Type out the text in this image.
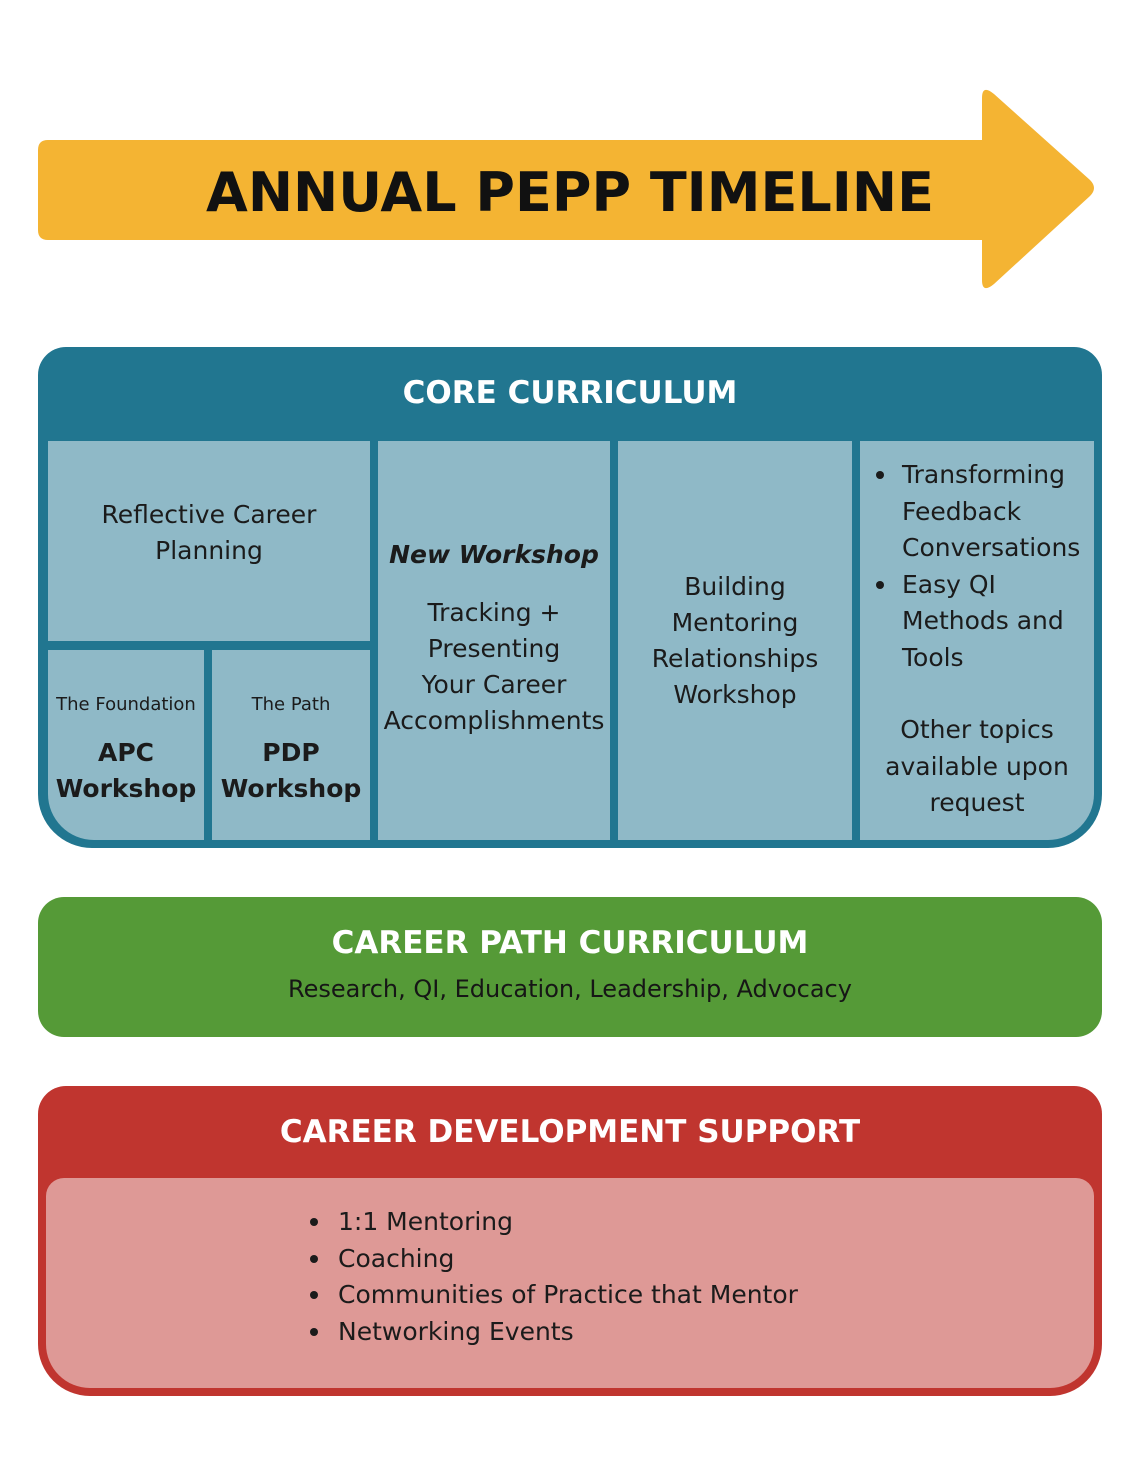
ANNUAL PEPP TIMELINE
CORE CURRICULUM
Reflective Career
Planning
The Foundation
APC
Workshop
The Path
PDP
Workshop
New Workshop
Tracking +
Presenting
Your Career
Accomplishments
Building
Mentoring
Relationships
Workshop
Transforming
Feedback
Conversations
Easy QI
Methods and
Tools
Other topics
available upon
request
CAREER PATH CURRICULUM
Research, QI, Education, Leadership, Advocacy
CAREER DEVELOPMENT SUPPORT
1:1 Mentoring
Coaching
Communities of Practice that Mentor
Networking Events
